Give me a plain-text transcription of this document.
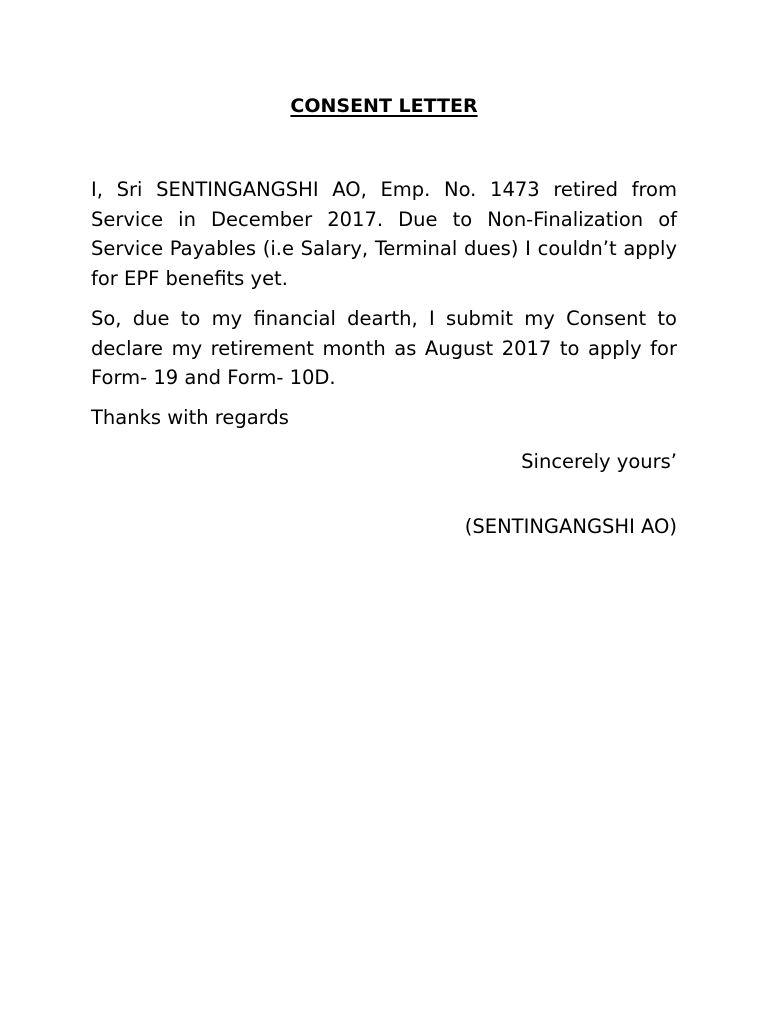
CONSENT LETTER
I, Sri SENTINGANGSHI AO, Emp. No. 1473 retired from Service in December 2017. Due to Non-Finalization of Service Payables (i.e Salary, Terminal dues) I couldn’t apply for EPF benefits yet.
So, due to my financial dearth, I submit my Consent to declare my retirement month as August 2017 to apply for Form- 19 and Form- 10D.
Thanks with regards
Sincerely yours’
(SENTINGANGSHI AO)
